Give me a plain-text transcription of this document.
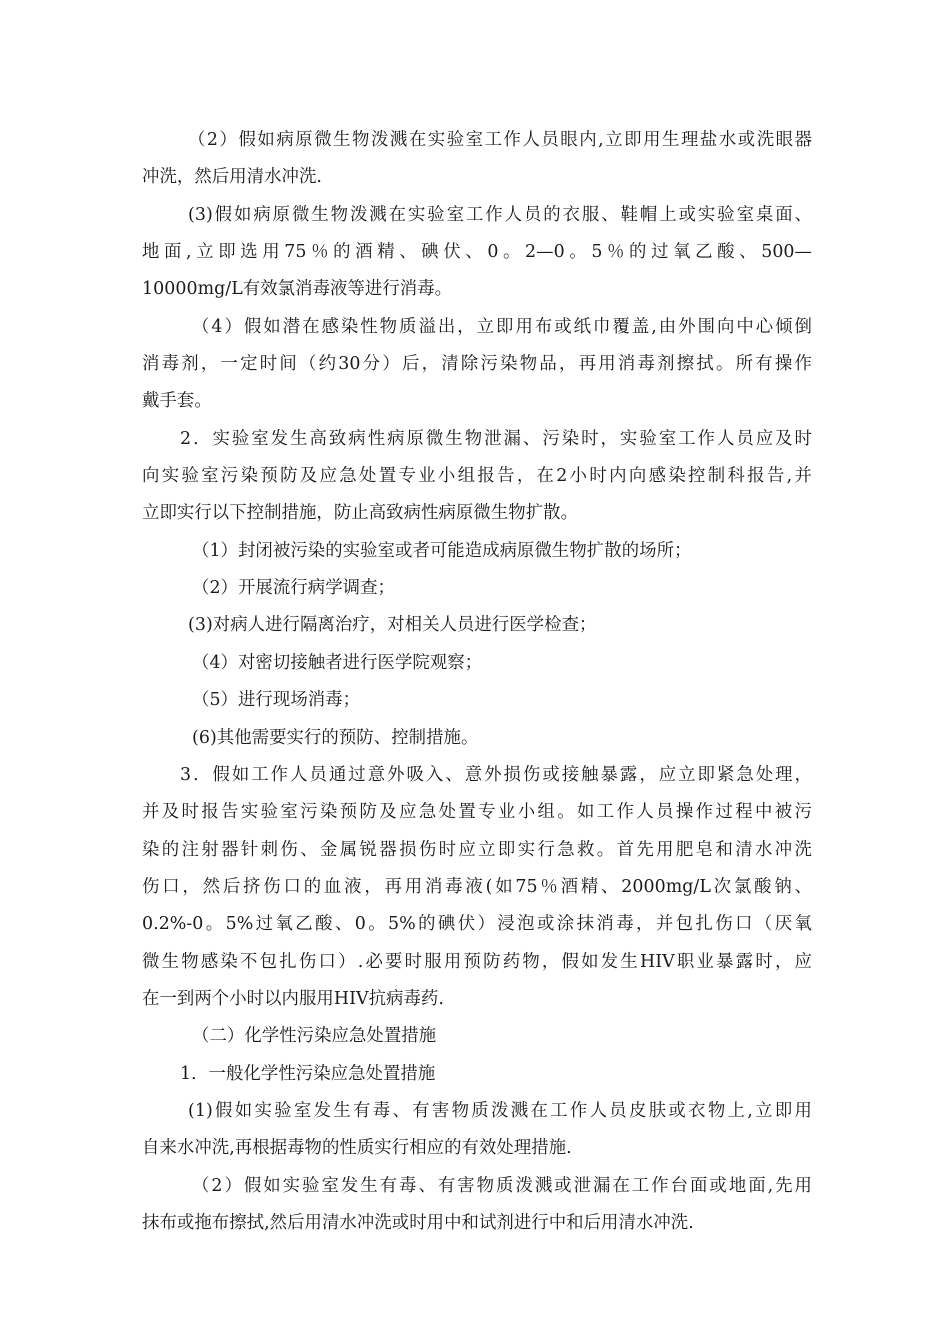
（2）假如病原微生物泼溅在实验室工作人员眼内,立即用生理盐水或洗眼器
冲洗，然后用清水冲洗.
(3)假如病原微生物泼溅在实验室工作人员的衣服、鞋帽上或实验室桌面、
地面,立即选用75％的酒精、碘伏、0。2—0。5％的过氧乙酸、500—
10000mg/L有效氯消毒液等进行消毒。
（4）假如潜在感染性物质溢出，立即用布或纸巾覆盖,由外围向中心倾倒
消毒剂，一定时间（约30分）后，清除污染物品，再用消毒剂擦拭。所有操作
戴手套。
2．实验室发生高致病性病原微生物泄漏、污染时，实验室工作人员应及时
向实验室污染预防及应急处置专业小组报告，在2小时内向感染控制科报告,并
立即实行以下控制措施，防止高致病性病原微生物扩散。
（1）封闭被污染的实验室或者可能造成病原微生物扩散的场所；
（2）开展流行病学调查；
(3)对病人进行隔离治疗，对相关人员进行医学检查；
（4）对密切接触者进行医学院观察；
（5）进行现场消毒；
(6)其他需要实行的预防、控制措施。
3．假如工作人员通过意外吸入、意外损伤或接触暴露，应立即紧急处理，
并及时报告实验室污染预防及应急处置专业小组。如工作人员操作过程中被污
染的注射器针刺伤、金属锐器损伤时应立即实行急救。首先用肥皂和清水冲洗
伤口，然后挤伤口的血液，再用消毒液(如75％酒精、2000mg/L次氯酸钠、
0.2%-0。5%过氧乙酸、0。5%的碘伏）浸泡或涂抹消毒，并包扎伤口（厌氧
微生物感染不包扎伤口）.必要时服用预防药物，假如发生HIV职业暴露时，应
在一到两个小时以内服用HIV抗病毒药.
（二）化学性污染应急处置措施
1．一般化学性污染应急处置措施
(1)假如实验室发生有毒、有害物质泼溅在工作人员皮肤或衣物上,立即用
自来水冲洗,再根据毒物的性质实行相应的有效处理措施.
（2）假如实验室发生有毒、有害物质泼溅或泄漏在工作台面或地面,先用
抹布或拖布擦拭,然后用清水冲洗或时用中和试剂进行中和后用清水冲洗.
